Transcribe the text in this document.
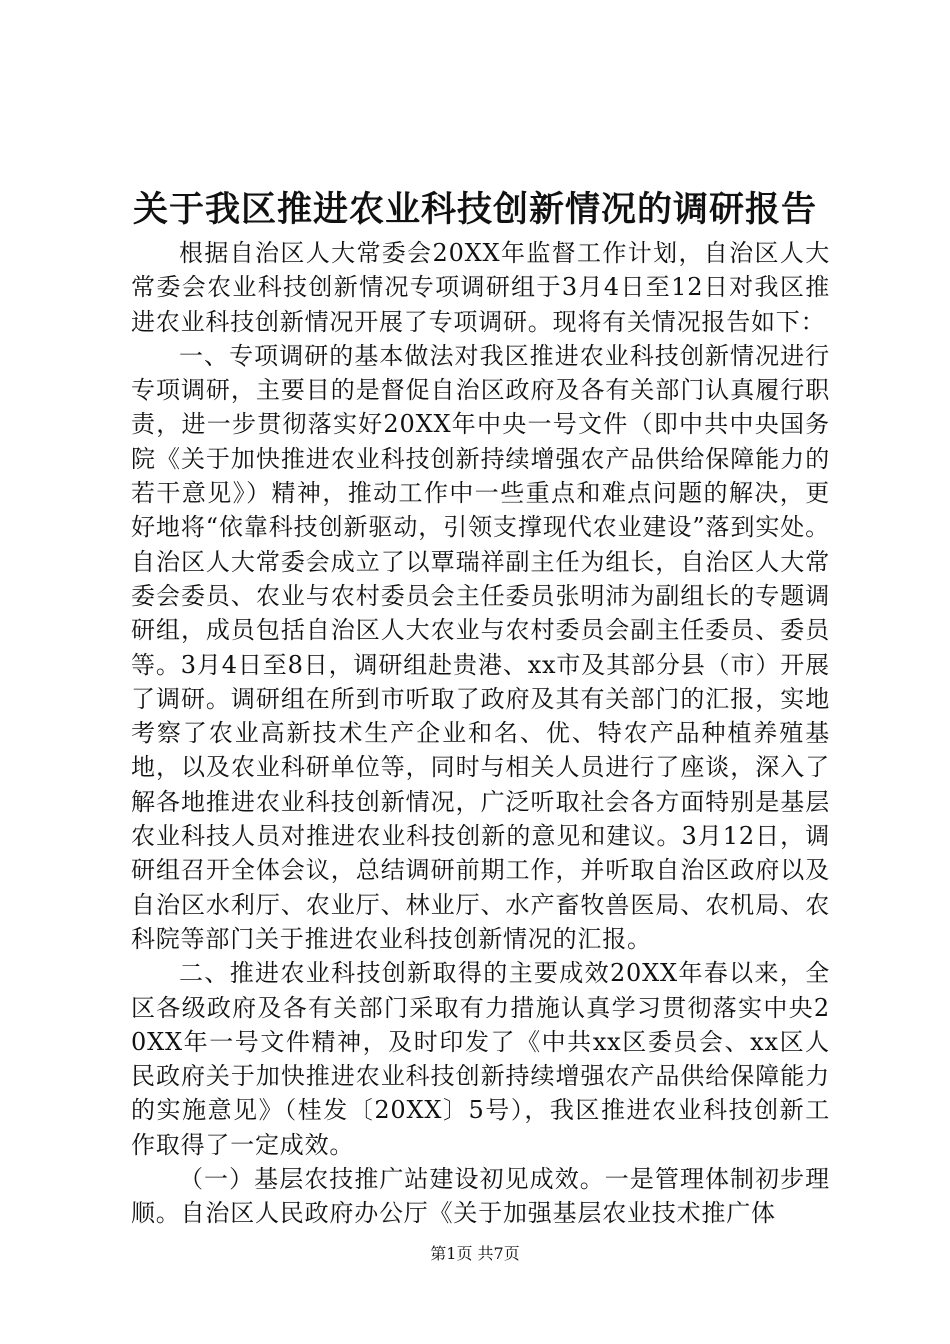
关于我区推进农业科技创新情况的调研报告

根据自治区人大常委会20XX年监督工作计划，自治区人大常委会农业科技创新情况专项调研组于3月4日至12日对我区推进农业科技创新情况开展了专项调研。现将有关情况报告如下：

一、专项调研的基本做法对我区推进农业科技创新情况进行专项调研，主要目的是督促自治区政府及各有关部门认真履行职责，进一步贯彻落实好20XX年中央一号文件（即中共中央国务院《关于加快推进农业科技创新持续增强农产品供给保障能力的若干意见》）精神，推动工作中一些重点和难点问题的解决，更好地将“依靠科技创新驱动，引领支撑现代农业建设”落到实处。自治区人大常委会成立了以覃瑞祥副主任为组长，自治区人大常委会委员、农业与农村委员会主任委员张明沛为副组长的专题调研组，成员包括自治区人大农业与农村委员会副主任委员、委员等。3月4日至8日，调研组赴贵港、xx市及其部分县（市）开展了调研。调研组在所到市听取了政府及其有关部门的汇报，实地考察了农业高新技术生产企业和名、优、特农产品种植养殖基地，以及农业科研单位等，同时与相关人员进行了座谈，深入了解各地推进农业科技创新情况，广泛听取社会各方面特别是基层农业科技人员对推进农业科技创新的意见和建议。3月12日，调研组召开全体会议，总结调研前期工作，并听取自治区政府以及自治区水利厅、农业厅、林业厅、水产畜牧兽医局、农机局、农科院等部门关于推进农业科技创新情况的汇报。

二、推进农业科技创新取得的主要成效20XX年春以来，全区各级政府及各有关部门采取有力措施认真学习贯彻落实中央20XX年一号文件精神，及时印发了《中共xx区委员会、xx区人民政府关于加快推进农业科技创新持续增强农产品供给保障能力的实施意见》（桂发〔20XX〕5号），我区推进农业科技创新工作取得了一定成效。

（一）基层农技推广站建设初见成效。一是管理体制初步理顺。自治区人民政府办公厅《关于加强基层农业技术推广体

第1页 共7页
